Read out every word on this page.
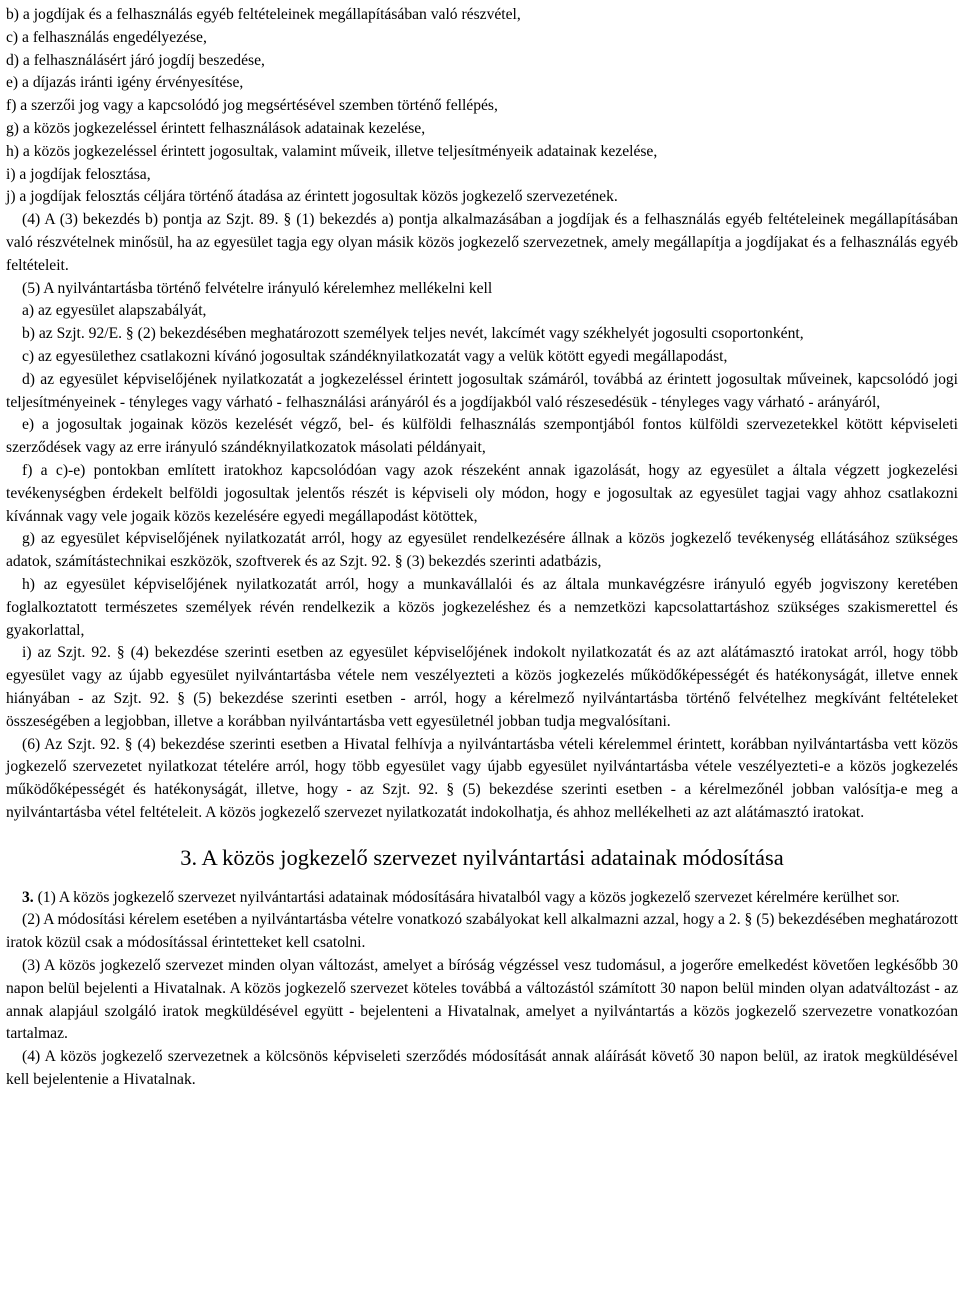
b) a jogdíjak és a felhasználás egyéb feltételeinek megállapításában való részvétel,

c) a felhasználás engedélyezése,

d) a felhasználásért járó jogdíj beszedése,

e) a díjazás iránti igény érvényesítése,

f) a szerzői jog vagy a kapcsolódó jog megsértésével szemben történő fellépés,

g) a közös jogkezeléssel érintett felhasználások adatainak kezelése,

h) a közös jogkezeléssel érintett jogosultak, valamint műveik, illetve teljesítményeik adatainak kezelése,

i) a jogdíjak felosztása,

j) a jogdíjak felosztás céljára történő átadása az érintett jogosultak közös jogkezelő szervezetének.

(4) A (3) bekezdés b) pontja az Szjt. 89. § (1) bekezdés a) pontja alkalmazásában a jogdíjak és a felhasználás egyéb feltételeinek megállapításában való részvételnek minősül, ha az egyesület tagja egy olyan másik közös jogkezelő szervezetnek, amely megállapítja a jogdíjakat és a felhasználás egyéb feltételeit.

(5) A nyilvántartásba történő felvételre irányuló kérelemhez mellékelni kell

a) az egyesület alapszabályát,

b) az Szjt. 92/E. § (2) bekezdésében meghatározott személyek teljes nevét, lakcímét vagy székhelyét jogosulti csoportonként,

c) az egyesülethez csatlakozni kívánó jogosultak szándéknyilatkozatát vagy a velük kötött egyedi megállapodást,

d) az egyesület képviselőjének nyilatkozatát a jogkezeléssel érintett jogosultak számáról, továbbá az érintett jogosultak műveinek, kapcsolódó jogi teljesítményeinek - tényleges vagy várható - felhasználási arányáról és a jogdíjakból való részesedésük - tényleges vagy várható - arányáról,

e) a jogosultak jogainak közös kezelését végző, bel- és külföldi felhasználás szempontjából fontos külföldi szervezetekkel kötött képviseleti szerződések vagy az erre irányuló szándéknyilatkozatok másolati példányait,

f) a c)-e) pontokban említett iratokhoz kapcsolódóan vagy azok részeként annak igazolását, hogy az egyesület a általa végzett jogkezelési tevékenységben érdekelt belföldi jogosultak jelentős részét is képviseli oly módon, hogy e jogosultak az egyesület tagjai vagy ahhoz csatlakozni kívánnak vagy vele jogaik közös kezelésére egyedi megállapodást kötöttek,

g) az egyesület képviselőjének nyilatkozatát arról, hogy az egyesület rendelkezésére állnak a közös jogkezelő tevékenység ellátásához szükséges adatok, számítástechnikai eszközök, szoftverek és az Szjt. 92. § (3) bekezdés szerinti adatbázis,

h) az egyesület képviselőjének nyilatkozatát arról, hogy a munkavállalói és az általa munkavégzésre irányuló egyéb jogviszony keretében foglalkoztatott természetes személyek révén rendelkezik a közös jogkezeléshez és a nemzetközi kapcsolattartáshoz szükséges szakismerettel és gyakorlattal,

i) az Szjt. 92. § (4) bekezdése szerinti esetben az egyesület képviselőjének indokolt nyilatkozatát és az azt alátámasztó iratokat arról, hogy több egyesület vagy az újabb egyesület nyilvántartásba vétele nem veszélyezteti a közös jogkezelés működőképességét és hatékonyságát, illetve ennek hiányában - az Szjt. 92. § (5) bekezdése szerinti esetben - arról, hogy a kérelmező nyilvántartásba történő felvételhez megkívánt feltételeket összeségében a legjobban, illetve a korábban nyilvántartásba vett egyesületnél jobban tudja megvalósítani.

(6) Az Szjt. 92. § (4) bekezdése szerinti esetben a Hivatal felhívja a nyilvántartásba vételi kérelemmel érintett, korábban nyilvántartásba vett közös jogkezelő szervezetet nyilatkozat tételére arról, hogy több egyesület vagy újabb egyesület nyilvántartásba vétele veszélyezteti-e a közös jogkezelés működőképességét és hatékonyságát, illetve, hogy - az Szjt. 92. § (5) bekezdése szerinti esetben - a kérelmezőnél jobban valósítja-e meg a nyilvántartásba vétel feltételeit. A közös jogkezelő szervezet nyilatkozatát indokolhatja, és ahhoz mellékelheti az azt alátámasztó iratokat.

3. A közös jogkezelő szervezet nyilvántartási adatainak módosítása

3. (1) A közös jogkezelő szervezet nyilvántartási adatainak módosítására hivatalból vagy a közös jogkezelő szervezet kérelmére kerülhet sor.

(2) A módosítási kérelem esetében a nyilvántartásba vételre vonatkozó szabályokat kell alkalmazni azzal, hogy a 2. § (5) bekezdésében meghatározott iratok közül csak a módosítással érintetteket kell csatolni.

(3) A közös jogkezelő szervezet minden olyan változást, amelyet a bíróság végzéssel vesz tudomásul, a jogerőre emelkedést követően legkésőbb 30 napon belül bejelenti a Hivatalnak. A közös jogkezelő szervezet köteles továbbá a változástól számított 30 napon belül minden olyan adatváltozást - az annak alapjául szolgáló iratok megküldésével együtt - bejelenteni a Hivatalnak, amelyet a nyilvántartás a közös jogkezelő szervezetre vonatkozóan tartalmaz.

(4) A közös jogkezelő szervezetnek a kölcsönös képviseleti szerződés módosítását annak aláírását követő 30 napon belül, az iratok megküldésével kell bejelentenie a Hivatalnak.
